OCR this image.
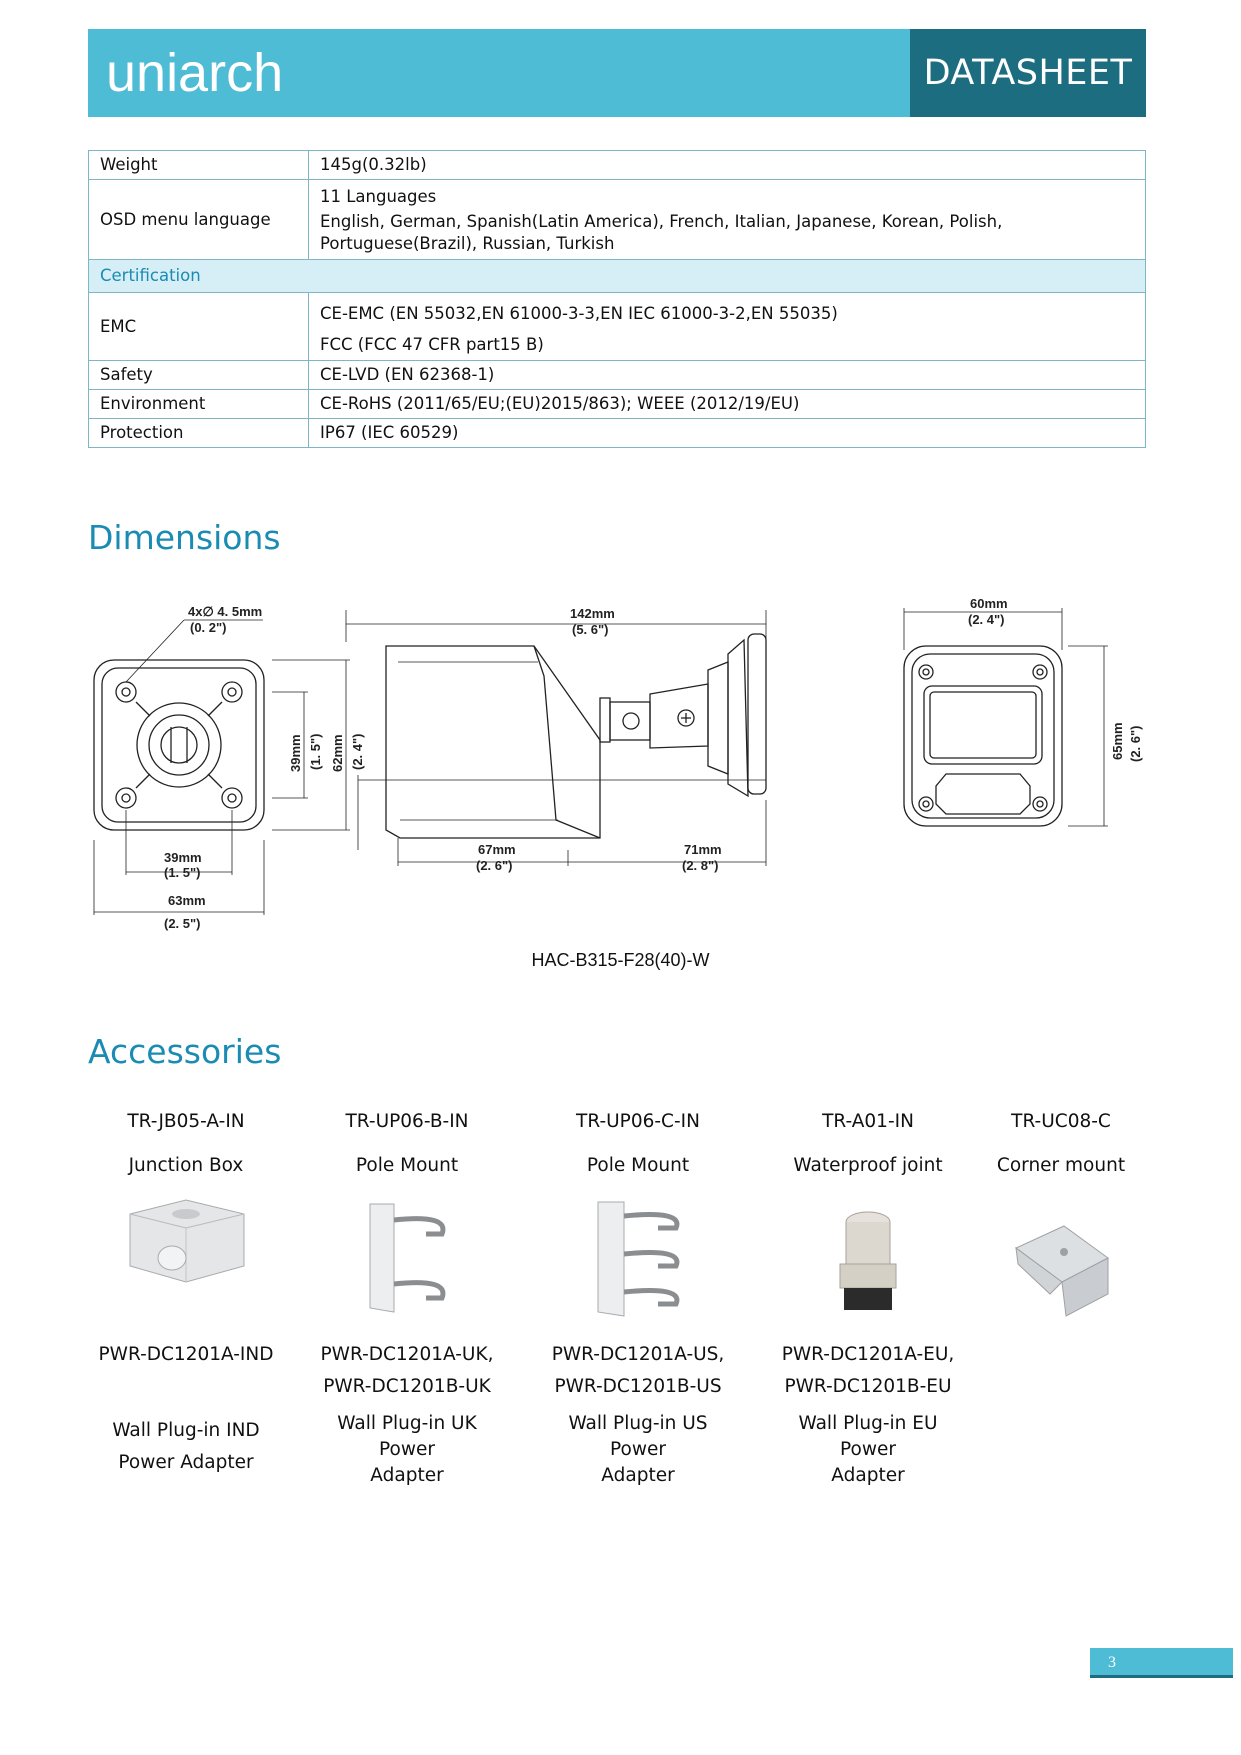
uniarch	DATASHEET
Weight	145g(0.32lb)
OSD menu language	11 Languages
English, German, Spanish(Latin America), French, Italian, Japanese, Korean, Polish, Portuguese(Brazil), Russian, Turkish

Certification	
EMC	CE-EMC (EN 55032,EN 61000-3-3,EN IEC 61000-3-2,EN 55035)
FCC (FCC 47 CFR part15 B)

Safety	CE-LVD (EN 62368-1)
Environment	CE-RoHS (2011/65/EU;(EU)2015/863); WEEE (2012/19/EU)
Protection	IP67 (IEC 60529)
Dimensions
4x∅ 4. 5mm
(0. 2")
39mm
(1. 5")
63mm
(2. 5")
39mm (1. 5") 62mm (2. 4")
142mm
(5. 6")
67mm
(2. 6")
71mm
(2. 8")
60mm
(2. 4")
65mm (2. 6")
HAC-B315-F28(40)-W
Accessories
TR-JB05-A-IN
Junction Box
TR-UP06-B-IN
Pole Mount
TR-UP06-C-IN
Pole Mount
TR-A01-IN
Waterproof joint
TR-UC08-C
Corner mount
PWR-DC1201A-IND
Wall Plug-in IND
Power Adapter
PWR-DC1201A-UK,
PWR-DC1201B-UK
Wall Plug-in UK Power
Adapter
PWR-DC1201A-US,
PWR-DC1201B-US
Wall Plug-in US Power
Adapter
PWR-DC1201A-EU,
PWR-DC1201B-EU
Wall Plug-in EU Power
Adapter
3
